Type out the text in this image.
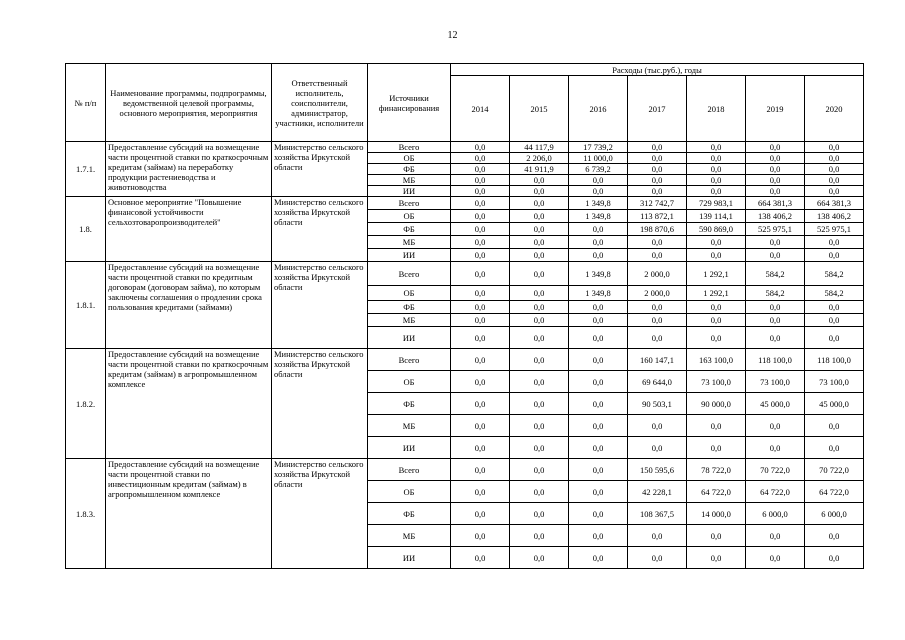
12
№ п/п	Наименование программы, подпрограммы, ведомственной целевой программы, основного мероприятия, мероприятия	Ответственный исполнитель, соисполнители, администратор, участники, исполнители	Источники финансирования	Расходы (тыс.руб.), годы						
				2014	2015	2016	2017	2018	2019	2020
1.7.1.	Предоставление субсидий на возмещение части процентной ставки по краткосрочным кредитам (займам) на переработку продукции растениеводства и животноводства	Министерство сельского хозяйства Иркутской области	Всего	0,0	44 117,9	17 739,2	0,0	0,0	0,0	0,0
			ОБ	0,0	2 206,0	11 000,0	0,0	0,0	0,0	0,0
			ФБ	0,0	41 911,9	6 739,2	0,0	0,0	0,0	0,0
			МБ	0,0	0,0	0,0	0,0	0,0	0,0	0,0
			ИИ	0,0	0,0	0,0	0,0	0,0	0,0	0,0
1.8.	Основное мероприятие "Повышение финансовой устойчивости сельхозтоваропроизводителей"	Министерство сельского хозяйства Иркутской области	Всего	0,0	0,0	1 349,8	312 742,7	729 983,1	664 381,3	664 381,3
			ОБ	0,0	0,0	1 349,8	113 872,1	139 114,1	138 406,2	138 406,2
			ФБ	0,0	0,0	0,0	198 870,6	590 869,0	525 975,1	525 975,1
			МБ	0,0	0,0	0,0	0,0	0,0	0,0	0,0
			ИИ	0,0	0,0	0,0	0,0	0,0	0,0	0,0
1.8.1.	Предоставление субсидий на возмещение части процентной ставки по кредитным договорам (договорам займа), по которым заключены соглашения о продлении срока пользования кредитами (займами)	Министерство сельского хозяйства Иркутской области	Всего	0,0	0,0	1 349,8	2 000,0	1 292,1	584,2	584,2
			ОБ	0,0	0,0	1 349,8	2 000,0	1 292,1	584,2	584,2
			ФБ	0,0	0,0	0,0	0,0	0,0	0,0	0,0
			МБ	0,0	0,0	0,0	0,0	0,0	0,0	0,0
			ИИ	0,0	0,0	0,0	0,0	0,0	0,0	0,0
1.8.2.	Предоставление субсидий на возмещение части процентной ставки по краткосрочным кредитам (займам) в агропромышленном комплексе	Министерство сельского хозяйства Иркутской области	Всего	0,0	0,0	0,0	160 147,1	163 100,0	118 100,0	118 100,0
			ОБ	0,0	0,0	0,0	69 644,0	73 100,0	73 100,0	73 100,0
			ФБ	0,0	0,0	0,0	90 503,1	90 000,0	45 000,0	45 000,0
			МБ	0,0	0,0	0,0	0,0	0,0	0,0	0,0
			ИИ	0,0	0,0	0,0	0,0	0,0	0,0	0,0
1.8.3.	Предоставление субсидий на возмещение части процентной ставки по инвестиционным кредитам (займам) в агропромышленном комплексе	Министерство сельского хозяйства Иркутской области	Всего	0,0	0,0	0,0	150 595,6	78 722,0	70 722,0	70 722,0
			ОБ	0,0	0,0	0,0	42 228,1	64 722,0	64 722,0	64 722,0
			ФБ	0,0	0,0	0,0	108 367,5	14 000,0	6 000,0	6 000,0
			МБ	0,0	0,0	0,0	0,0	0,0	0,0	0,0
			ИИ	0,0	0,0	0,0	0,0	0,0	0,0	0,0
